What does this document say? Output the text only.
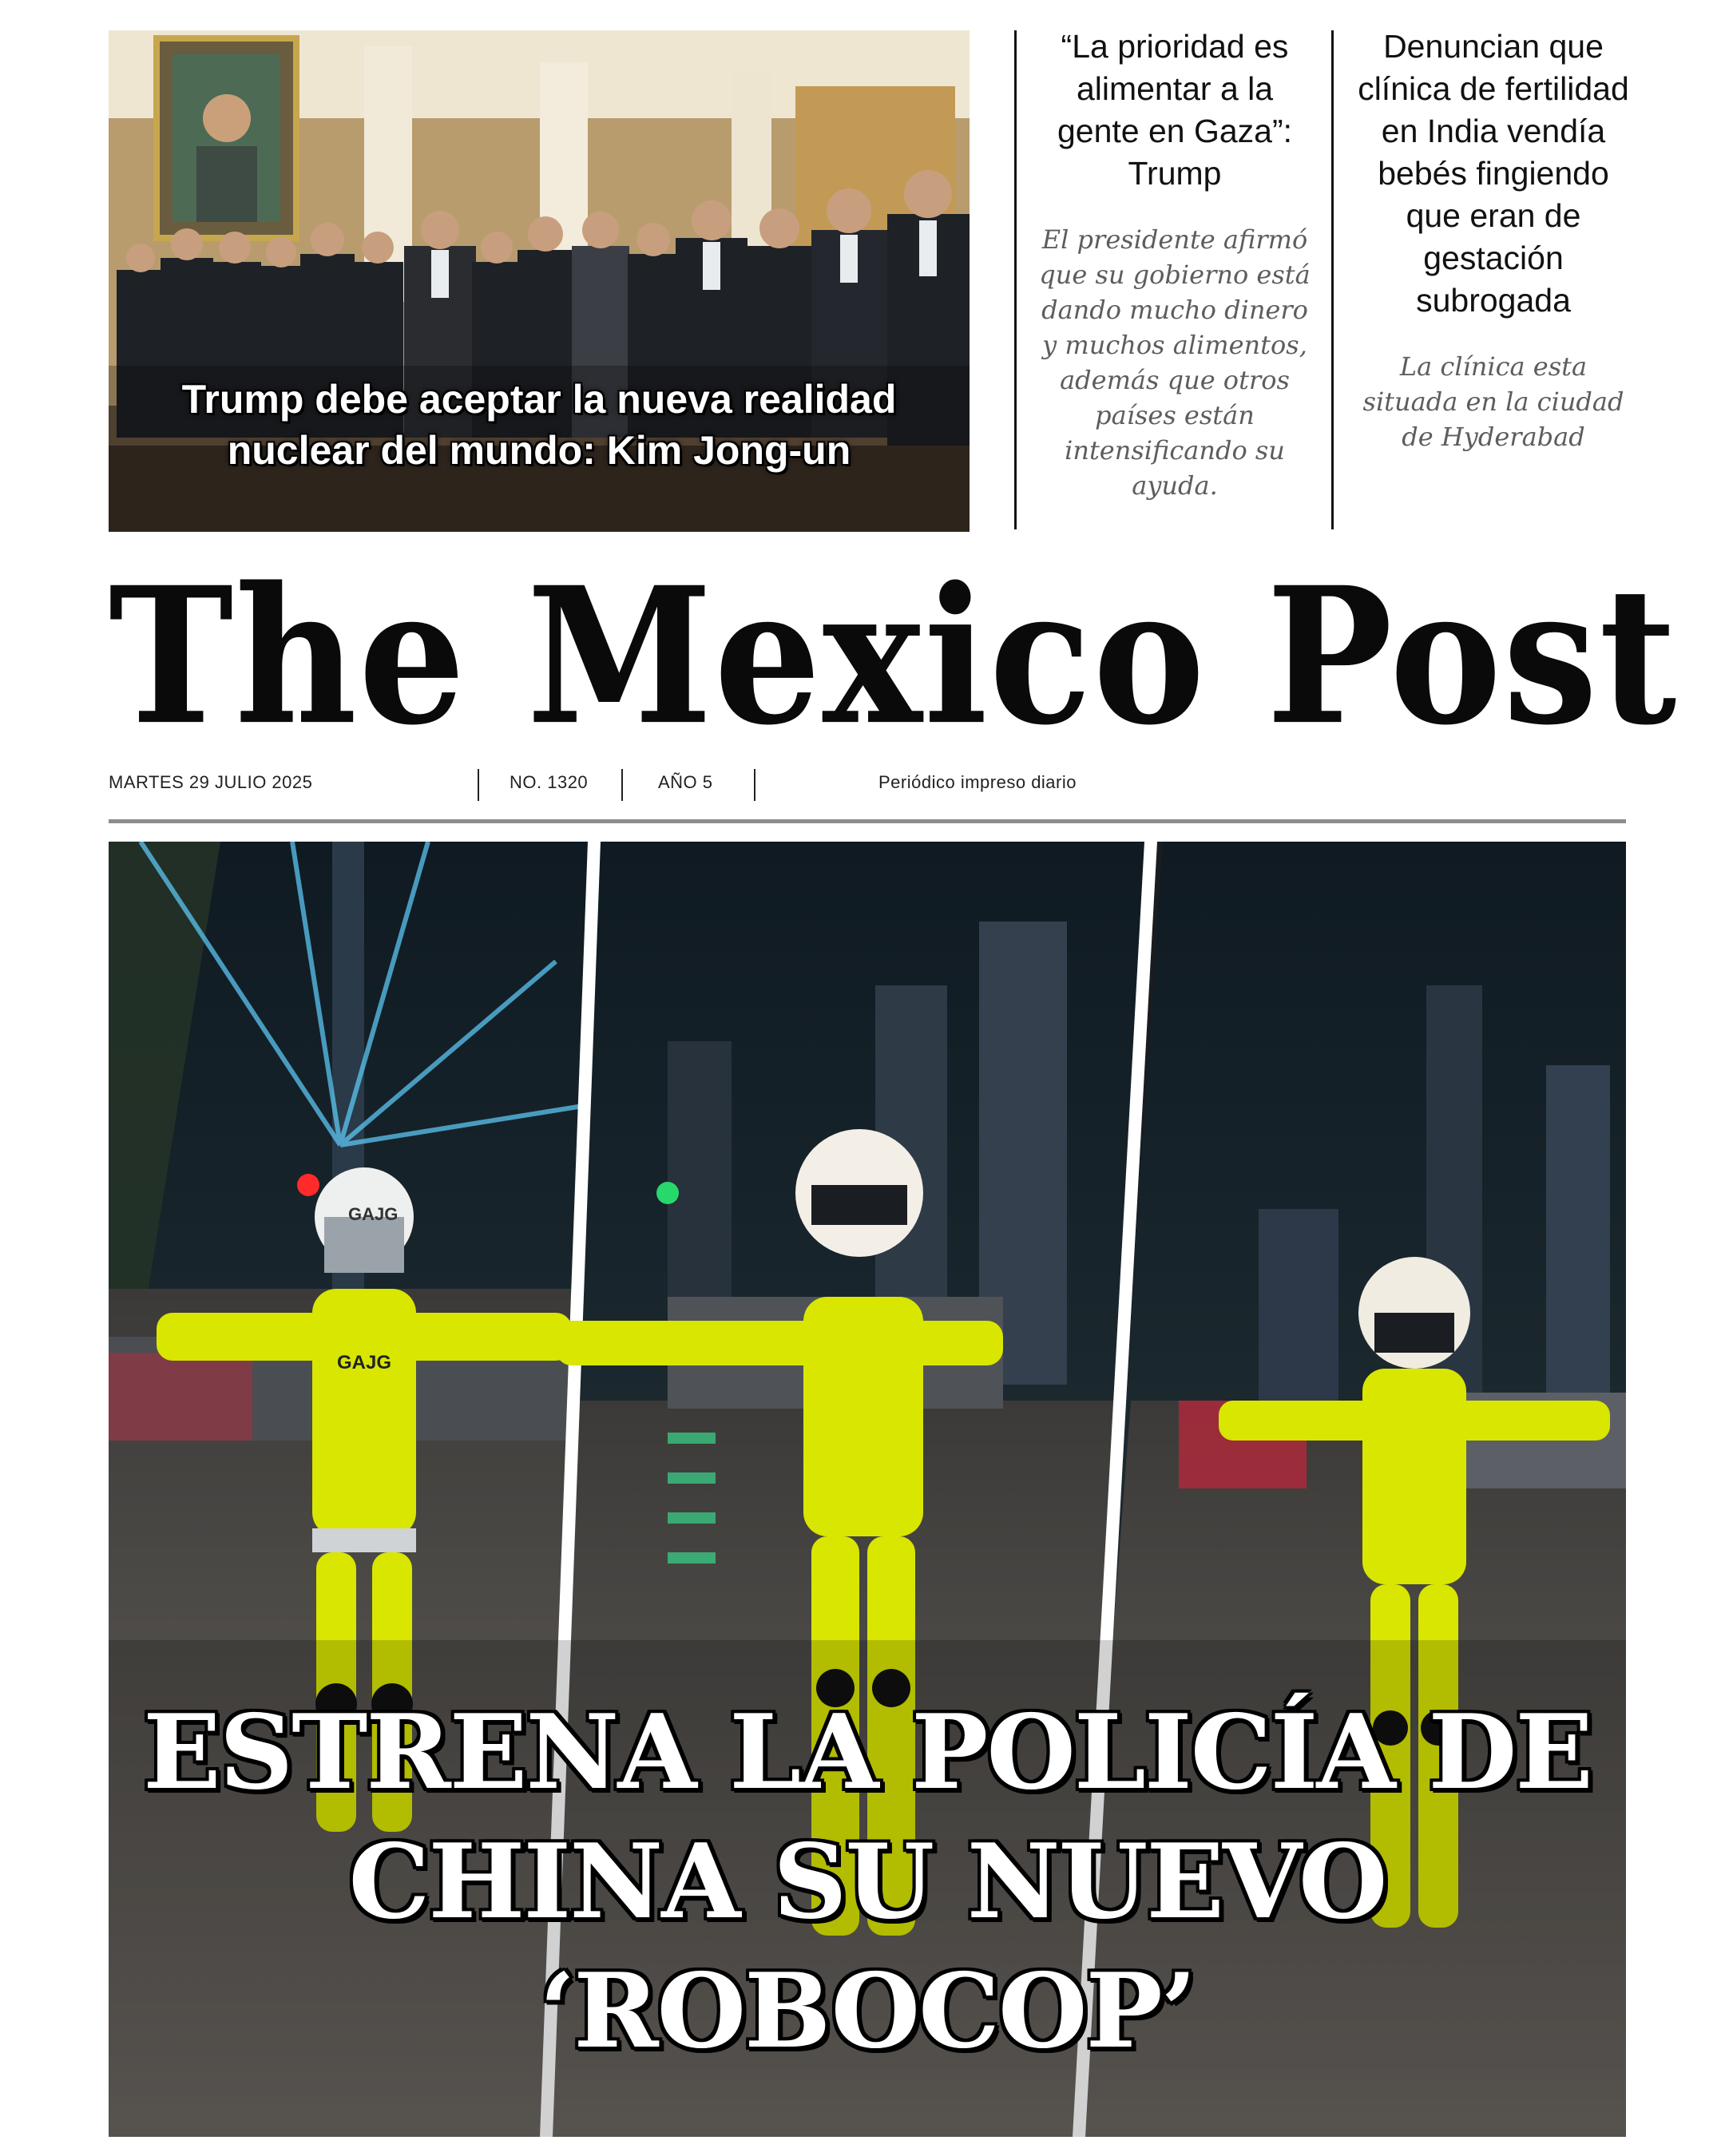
Trump debe aceptar la nueva realidad nuclear del mundo: Kim Jong-un
“La prioridad es alimentar a la gente en Gaza”: Trump
El presidente afirmó que su gobierno está dando mucho dinero y muchos alimentos, además que otros países están intensificando su ayuda.
Denuncian que clínica de fertilidad en India vendía bebés fingiendo que eran de gestación subrogada
La clínica esta situada en la ciudad de Hyderabad
The Mexico Post
MARTES 29 JULIO 2025	NO. 1320	AÑO 5	Periódico impreso diario
GAJG
GAJG
ESTRENA LA POLICÍA DE CHINA SU NUEVO ‘ROBOCOP’
